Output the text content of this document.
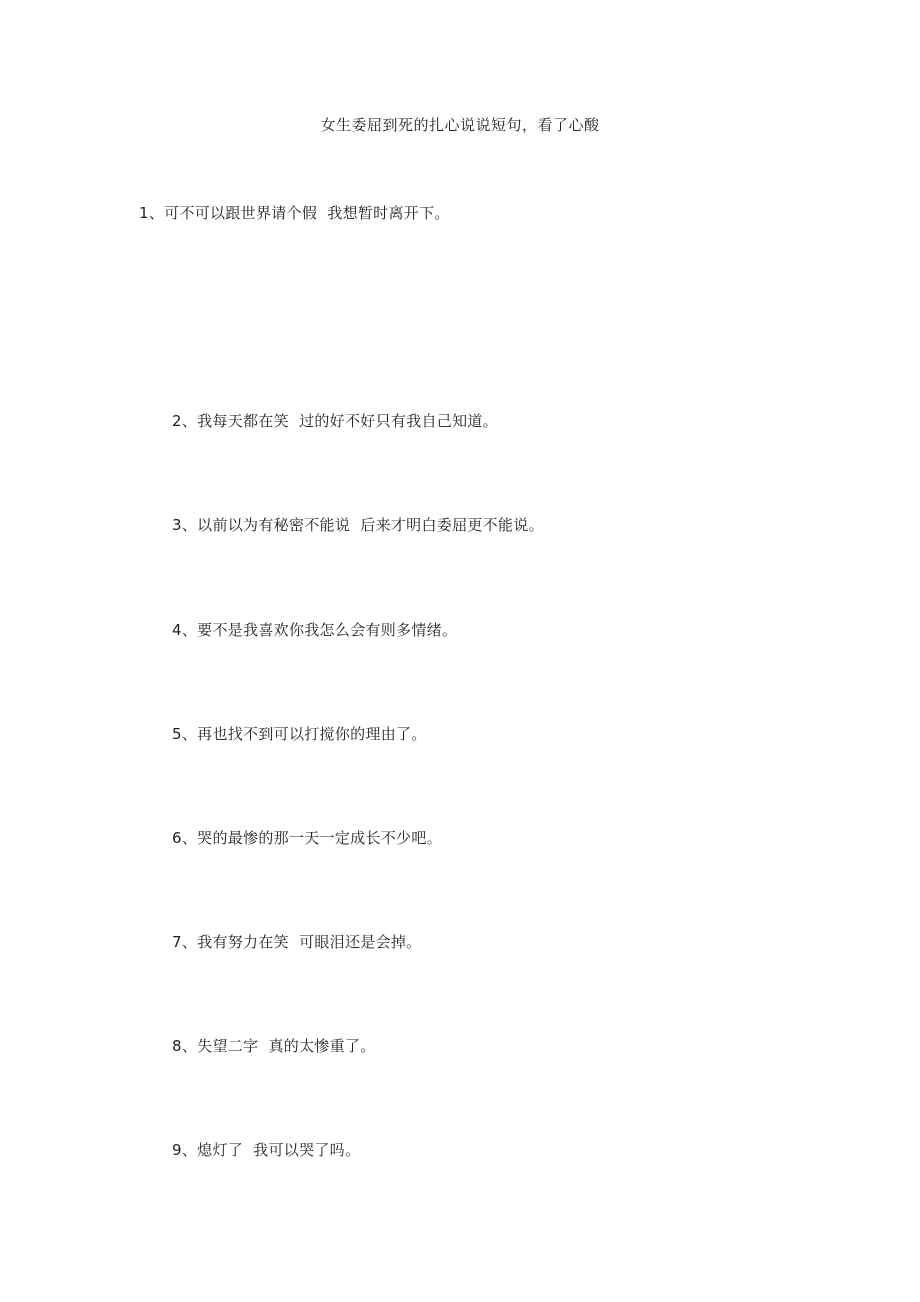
女生委屈到死的扎心说说短句，看了心酸
1、可不可以跟世界请个假  我想暂时离开下。
2、我每天都在笑  过的好不好只有我自己知道。
3、以前以为有秘密不能说  后来才明白委屈更不能说。
4、要不是我喜欢你我怎么会有则多情绪。
5、再也找不到可以打搅你的理由了。
6、哭的最惨的那一天一定成长不少吧。
7、我有努力在笑  可眼泪还是会掉。
8、失望二字  真的太惨重了。
9、熄灯了  我可以哭了吗。
